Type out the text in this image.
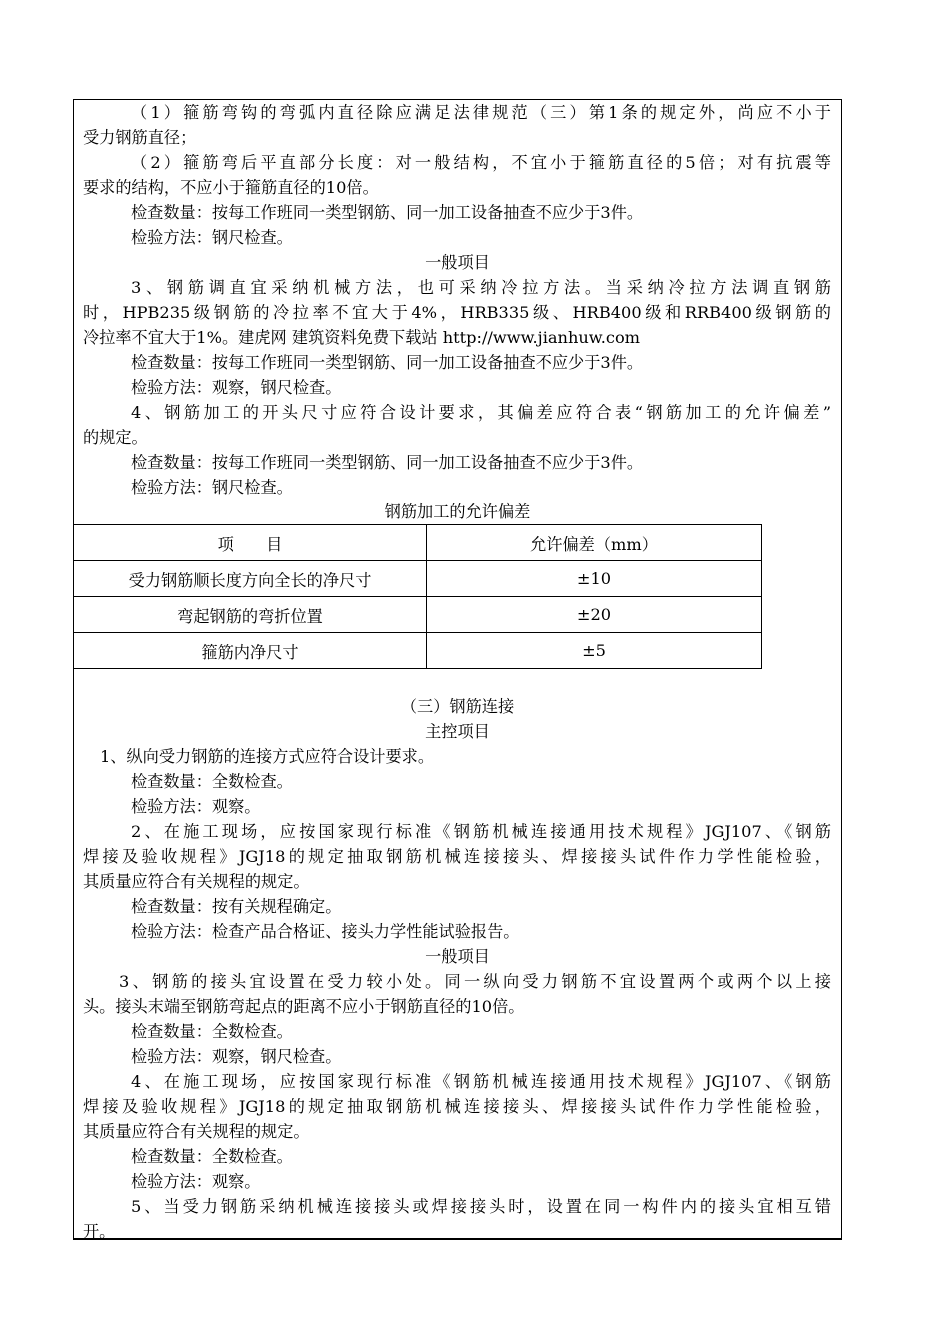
（1）箍筋弯钩的弯弧内直径除应满足法律规范（三）第1条的规定外，尚应不小于
受力钢筋直径；
（2）箍筋弯后平直部分长度：对一般结构，不宜小于箍筋直径的5倍；对有抗震等
要求的结构，不应小于箍筋直径的10倍。
检查数量：按每工作班同一类型钢筋、同一加工设备抽查不应少于3件。
检验方法：钢尺检查。
一般项目
3、钢筋调直宜采纳机械方法，也可采纳冷拉方法。当采纳冷拉方法调直钢筋
时，HPB235级钢筋的冷拉率不宜大于4%，HRB335级、HRB400级和RRB400级钢筋的
冷拉率不宜大于1%。建虎网 建筑资料免费下载站 http://www.jianhuw.com
检查数量：按每工作班同一类型钢筋、同一加工设备抽查不应少于3件。
检验方法：观察，钢尺检查。
4、钢筋加工的开头尺寸应符合设计要求，其偏差应符合表“钢筋加工的允许偏差”
的规定。
检查数量：按每工作班同一类型钢筋、同一加工设备抽查不应少于3件。
检验方法：钢尺检查。
钢筋加工的允许偏差
项　　目	允许偏差（mm）
受力钢筋顺长度方向全长的净尺寸	±10
弯起钢筋的弯折位置	±20
箍筋内净尺寸	±5
（三）钢筋连接
主控项目
1、纵向受力钢筋的连接方式应符合设计要求。
检查数量：全数检查。
检验方法：观察。
2、在施工现场，应按国家现行标准《钢筋机械连接通用技术规程》JGJ107、《钢筋
焊接及验收规程》JGJ18的规定抽取钢筋机械连接接头、焊接接头试件作力学性能检验，
其质量应符合有关规程的规定。
检查数量：按有关规程确定。
检验方法：检查产品合格证、接头力学性能试验报告。
一般项目
3、钢筋的接头宜设置在受力较小处。同一纵向受力钢筋不宜设置两个或两个以上接
头。接头末端至钢筋弯起点的距离不应小于钢筋直径的10倍。
检查数量：全数检查。
检验方法：观察，钢尺检查。
4、在施工现场，应按国家现行标准《钢筋机械连接通用技术规程》JGJ107、《钢筋
焊接及验收规程》JGJ18的规定抽取钢筋机械连接接头、焊接接头试件作力学性能检验，
其质量应符合有关规程的规定。
检查数量：全数检查。
检验方法：观察。
5、当受力钢筋采纳机械连接接头或焊接接头时，设置在同一构件内的接头宜相互错
开。
